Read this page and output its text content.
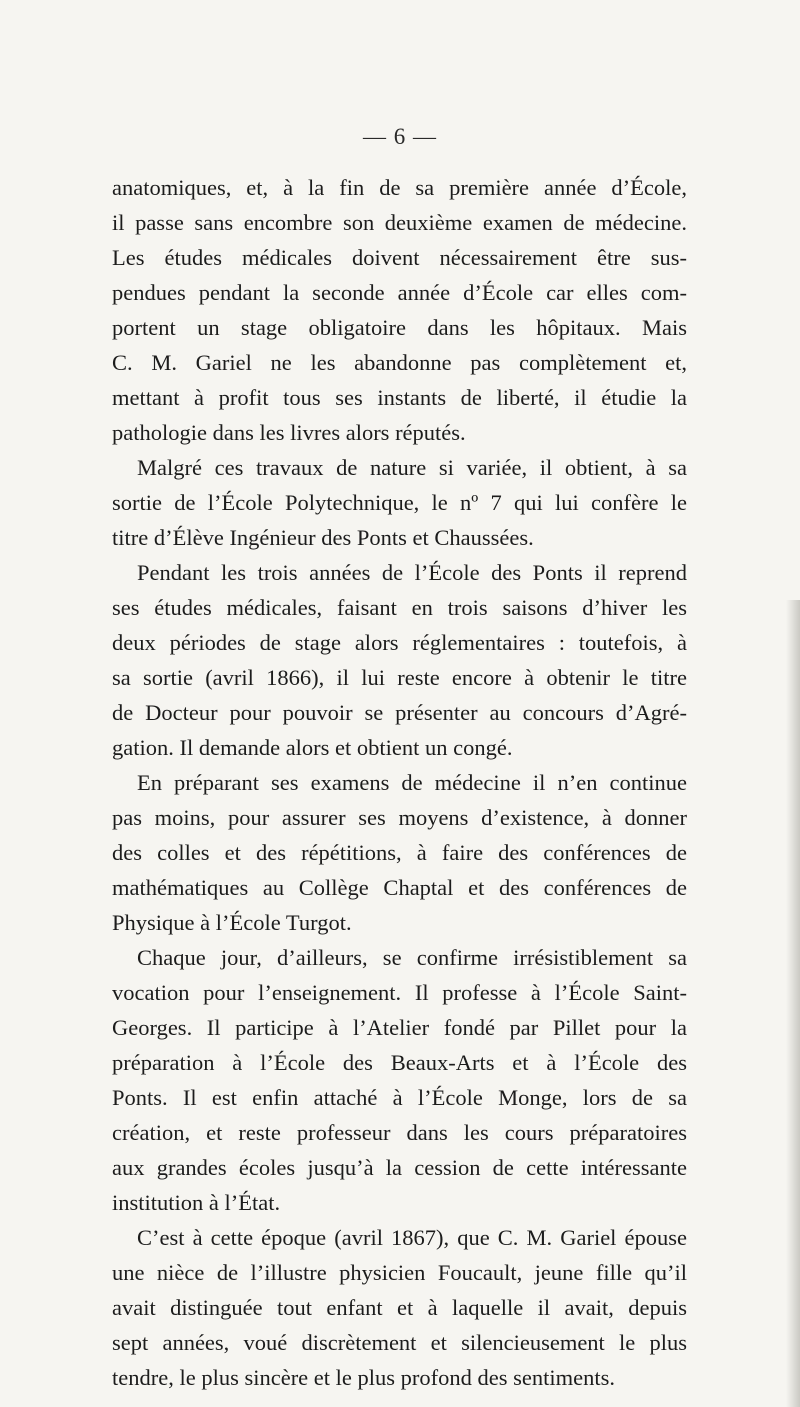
— 6 —
anatomiques, et, à la fin de sa première année d’École,
il passe sans encombre son deuxième examen de médecine.
Les études médicales doivent nécessairement être sus-
pendues pendant la seconde année d’École car elles com-
portent un stage obligatoire dans les hôpitaux. Mais
C. M. Gariel ne les abandonne pas complètement et,
mettant à profit tous ses instants de liberté, il étudie la
pathologie dans les livres alors réputés.
Malgré ces travaux de nature si variée, il obtient, à sa
sortie de l’École Polytechnique, le nº 7 qui lui confère le
titre d’Élève Ingénieur des Ponts et Chaussées.
Pendant les trois années de l’École des Ponts il reprend
ses études médicales, faisant en trois saisons d’hiver les
deux périodes de stage alors réglementaires : toutefois, à
sa sortie (avril 1866), il lui reste encore à obtenir le titre
de Docteur pour pouvoir se présenter au concours d’Agré-
gation. Il demande alors et obtient un congé.
En préparant ses examens de médecine il n’en continue
pas moins, pour assurer ses moyens d’existence, à donner
des colles et des répétitions, à faire des conférences de
mathématiques au Collège Chaptal et des conférences de
Physique à l’École Turgot.
Chaque jour, d’ailleurs, se confirme irrésistiblement sa
vocation pour l’enseignement. Il professe à l’École Saint-
Georges. Il participe à l’Atelier fondé par Pillet pour la
préparation à l’École des Beaux-Arts et à l’École des
Ponts. Il est enfin attaché à l’École Monge, lors de sa
création, et reste professeur dans les cours préparatoires
aux grandes écoles jusqu’à la cession de cette intéressante
institution à l’État.
C’est à cette époque (avril 1867), que C. M. Gariel épouse
une nièce de l’illustre physicien Foucault, jeune fille qu’il
avait distinguée tout enfant et à laquelle il avait, depuis
sept années, voué discrètement et silencieusement le plus
tendre, le plus sincère et le plus profond des sentiments.
